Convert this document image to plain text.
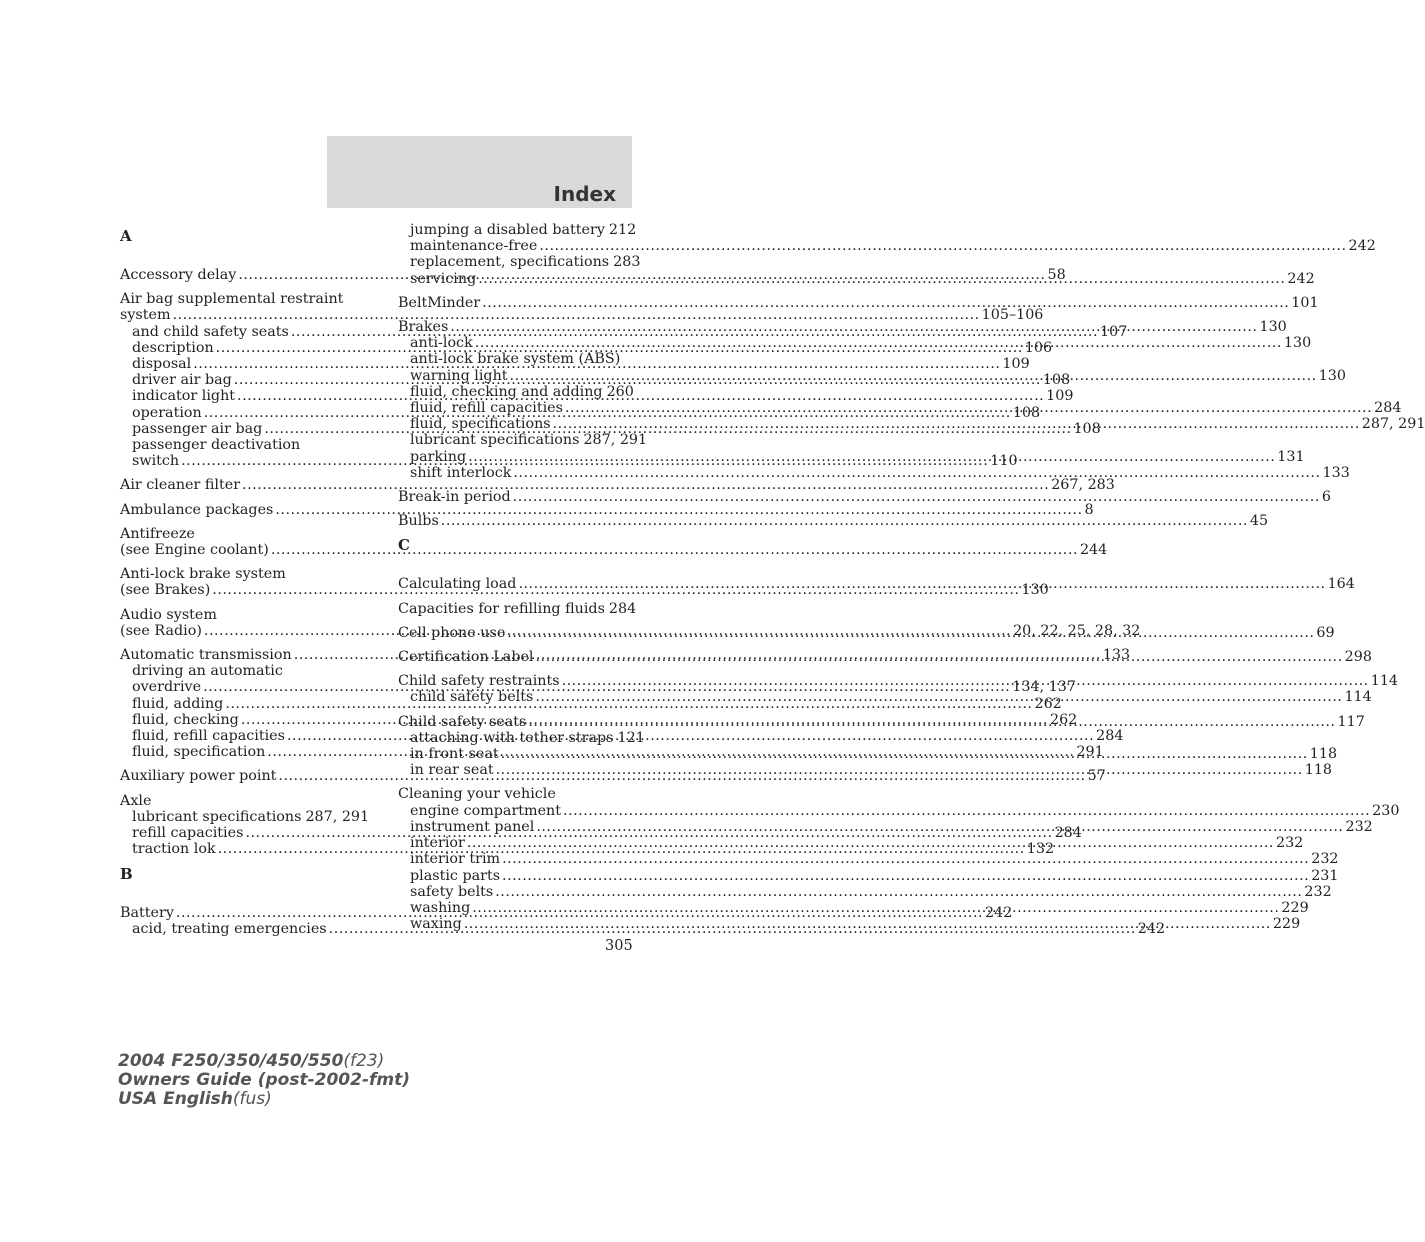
Index
A
Accessory delay .....	58
Air bag supplemental restraint
system .....	105–106
and child safety seats .....	107
description .....	106
disposal .....	109
driver air bag .....	108
indicator light .....	109
operation .....	108
passenger air bag .....	108
passenger deactivation
switch .....	110
Air cleaner filter .....	267, 283
Ambulance packages .....	8
Antifreeze
(see Engine coolant) .....	244
Anti-lock brake system
(see Brakes) .....	130
Audio system
(see Radio) .....	20, 22, 25, 28, 32
Automatic transmission .....	133
driving an automatic
overdrive .....	134, 137
fluid, adding .....	262
fluid, checking .....	262
fluid, refill capacities .....	284
fluid, specification .....	291
Auxiliary power point .....	57
Axle
lubricant specifications 287, 291
refill capacities .....	284
traction lok .....	132
B
Battery .....	242
acid, treating emergencies .....	242
jumping a disabled battery 212
maintenance-free .....	242
replacement, specifications 283
servicing .....	242
BeltMinder .....	101
Brakes .....	130
anti-lock .....	130
anti-lock brake system (ABS)
warning light .....	130
fluid, checking and adding 260
fluid, refill capacities .....	284
fluid, specifications .....	287, 291
lubricant specifications 287, 291
parking .....	131
shift interlock .....	133
Break-in period .....	6
Bulbs .....	45
C
Calculating load .....	164
Capacities for refilling fluids 284
Cell phone use .....	69
Certification Label .....	298
Child safety restraints .....	114
child safety belts .....	114
Child safety seats .....	117
attaching with tether straps 121
in front seat .....	118
in rear seat .....	118
Cleaning your vehicle
engine compartment .....	230
instrument panel .....	232
interior .....	232
interior trim .....	232
plastic parts .....	231
safety belts .....	232
washing .....	229
waxing .....	229
305
2004 F250/350/450/550(f23)
Owners Guide (post-2002-fmt)
USA English(fus)
